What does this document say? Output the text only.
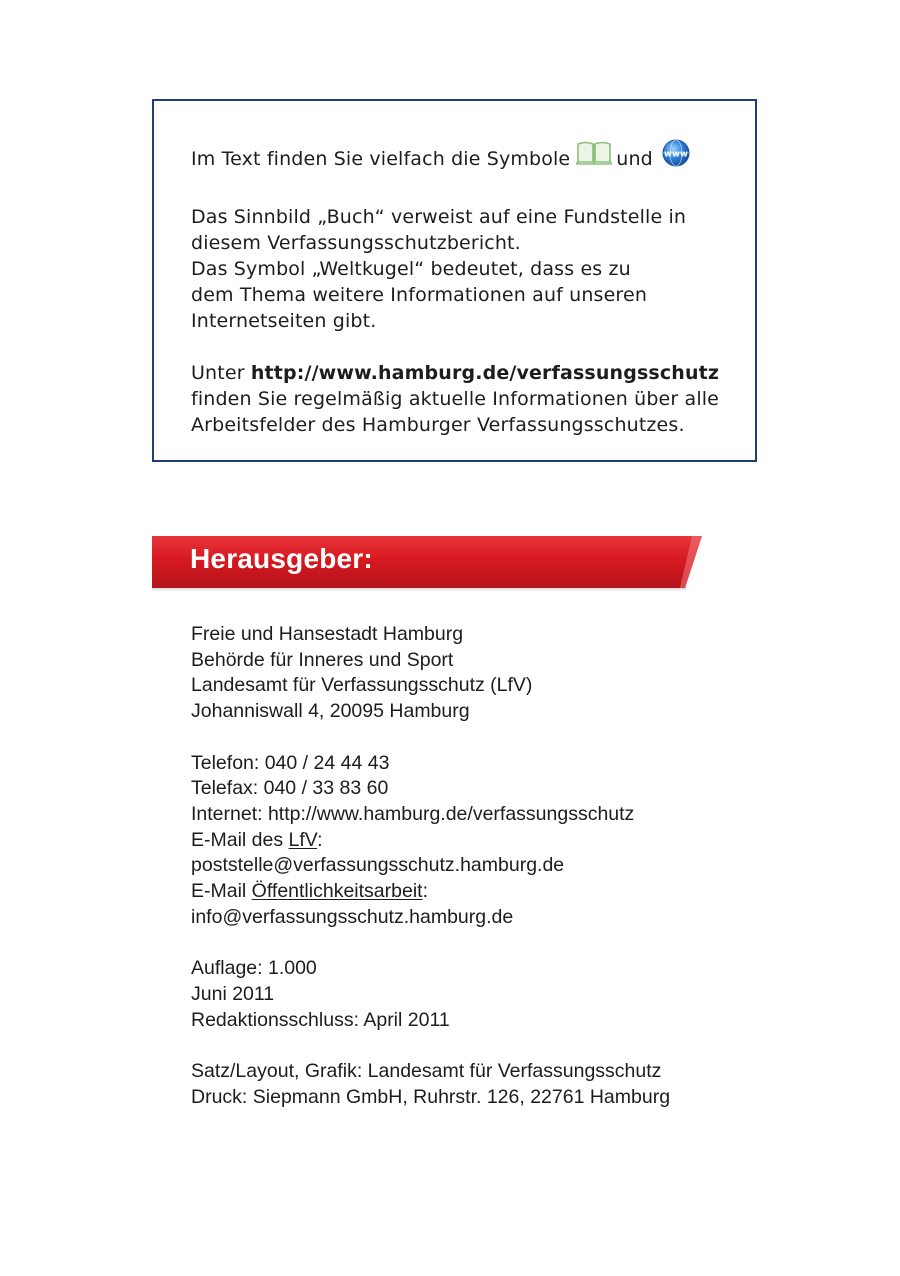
Im Text finden Sie vielfach die Symbole und www

Das Sinnbild „Buch“ verweist auf eine Fundstelle in

diesem Verfassungsschutzbericht.

Das Symbol „Weltkugel“ bedeutet, dass es zu

dem Thema weitere Informationen auf unseren

Internetseiten gibt.

Unter http://www.hamburg.de/verfassungsschutz

finden Sie regelmäßig aktuelle Informationen über alle

Arbeitsfelder des Hamburger Verfassungsschutzes.

Herausgeber:

Freie und Hansestadt Hamburg

Behörde für Inneres und Sport

Landesamt für Verfassungsschutz (LfV)

Johanniswall 4, 20095 Hamburg

Telefon: 040 / 24 44 43

Telefax: 040 / 33 83 60

Internet: http://www.hamburg.de/verfassungsschutz

E-Mail des LfV:

poststelle@verfassungsschutz.hamburg.de

E-Mail Öffentlichkeitsarbeit:

info@verfassungsschutz.hamburg.de

Auflage: 1.000

Juni 2011

Redaktionsschluss: April 2011

Satz/Layout, Grafik: Landesamt für Verfassungsschutz

Druck: Siepmann GmbH, Ruhrstr. 126, 22761 Hamburg
